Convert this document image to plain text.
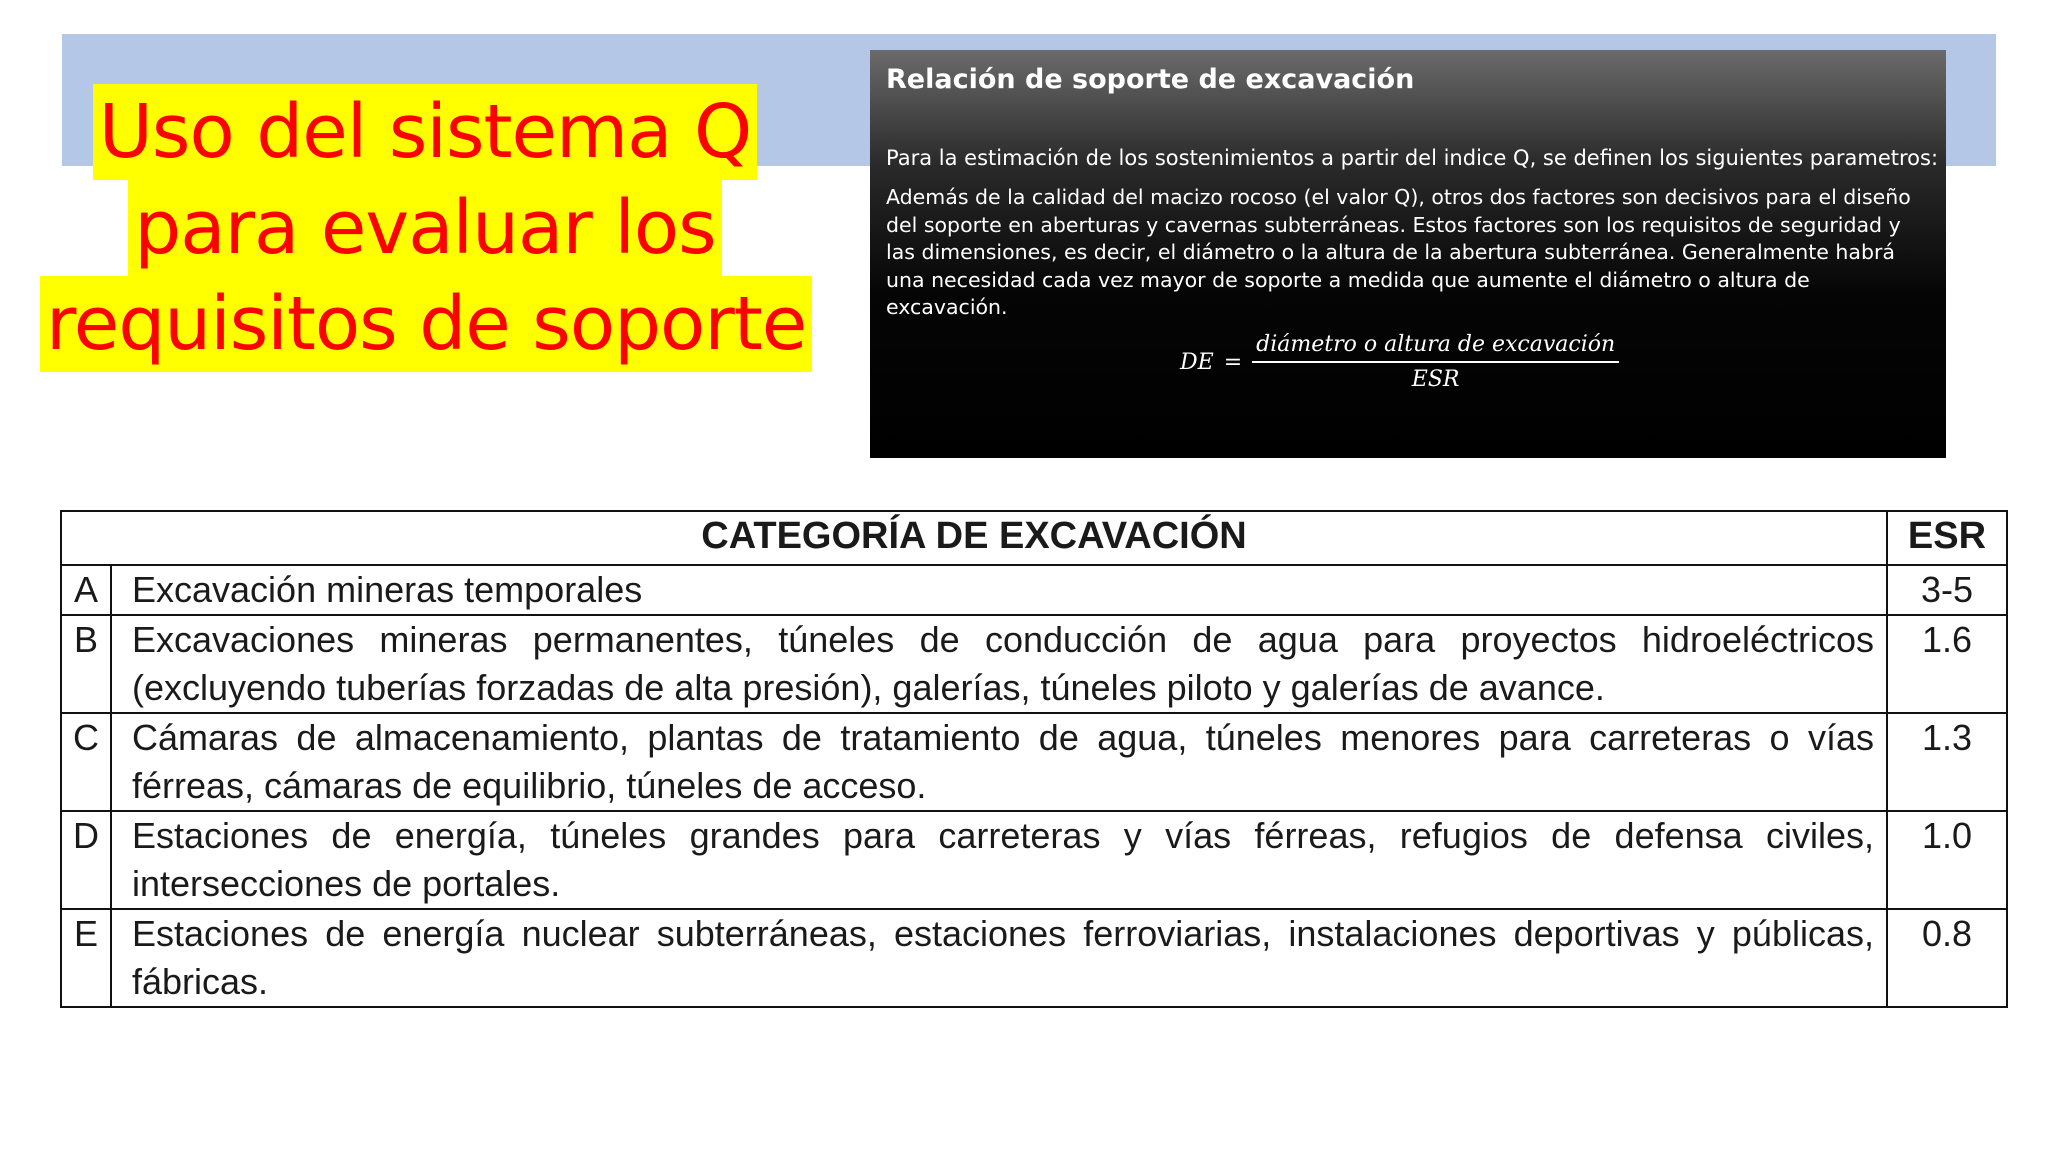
Uso del sistema Q
para evaluar los
requisitos de soporte

Relación de soporte de excavación

Para la estimación de los sostenimientos a partir del indice Q, se definen los siguientes parametros:

Además de la calidad del macizo rocoso (el valor Q), otros dos factores son decisivos para el diseño del soporte en aberturas y cavernas subterráneas. Estos factores son los requisitos de seguridad y las dimensiones, es decir, el diámetro o la altura de la abertura subterránea. Generalmente habrá una necesidad cada vez mayor de soporte a medida que aumente el diámetro o altura de excavación.

DE = $\frac{\text{diámetro o altura de excavación}}{\text{ESR}}$
CATEGORÍA DE EXCAVACIÓN		ESR
A	Excavación mineras temporales	3-5
B	Excavaciones mineras permanentes, túneles de conducción de agua para proyectos hidroeléctricos (excluyendo tuberías forzadas de alta presión), galerías, túneles piloto y galerías de avance.	1.6
C	Cámaras de almacenamiento, plantas de tratamiento de agua, túneles menores para carreteras o vías férreas, cámaras de equilibrio, túneles de acceso.	1.3
D	Estaciones de energía, túneles grandes para carreteras y vías férreas, refugios de defensa civiles, intersecciones de portales.	1.0
E	Estaciones de energía nuclear subterráneas, estaciones ferroviarias, instalaciones deportivas y públicas, fábricas.	0.8
